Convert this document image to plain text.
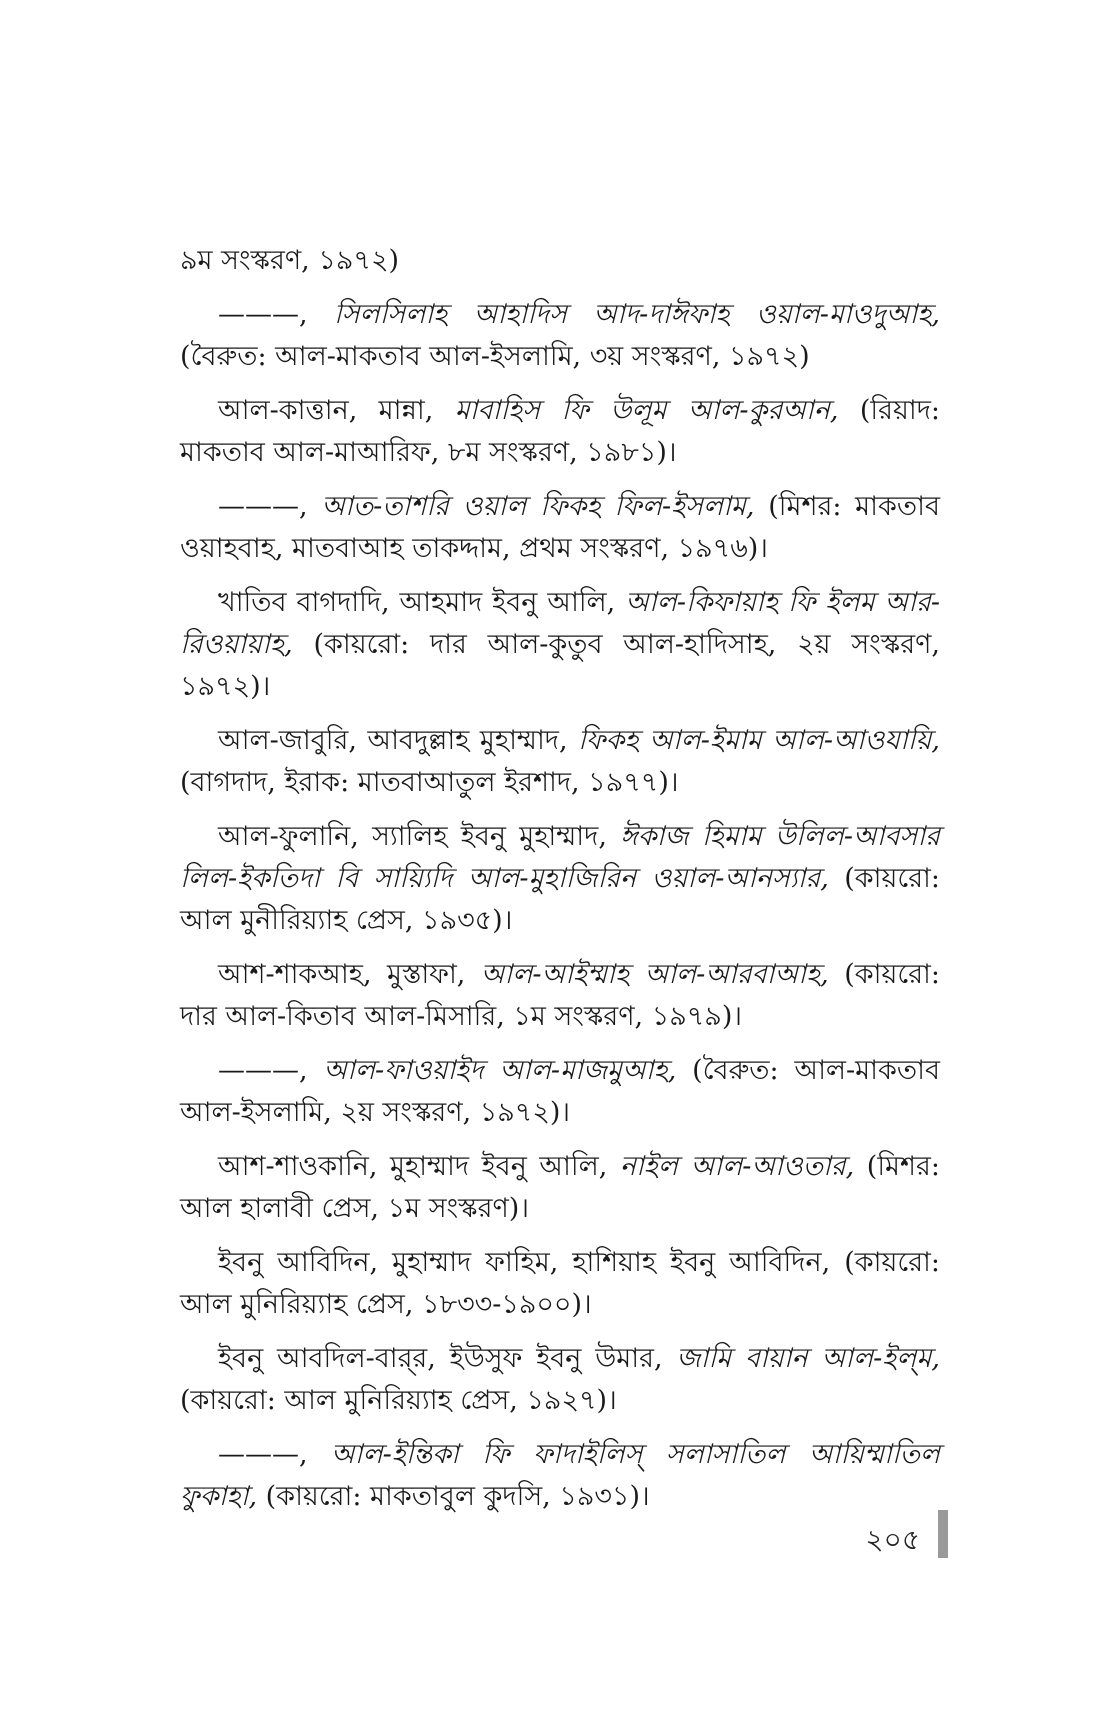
৯ম সংস্করণ, ১৯৭২)

———, সিলসিলাহ আহাদিস আদ-দাঈফাহ ওয়াল-মাওদুআহ, (বৈরুত: আল-মাকতাব আল-ইসলামি, ৩য় সংস্করণ, ১৯৭২)

আল-কাত্তান, মান্না, মাবাহিস ফি উলূম আল-কুরআন, (রিয়াদ: মাকতাব আল-মাআরিফ, ৮ম সংস্করণ, ১৯৮১)।

———, আত-তাশরি ওয়াল ফিকহ ফিল-ইসলাম, (মিশর: মাকতাব ওয়াহবাহ, মাতবাআহ তাকদ্দাম, প্রথম সংস্করণ, ১৯৭৬)।

খাতিব বাগদাদি, আহমাদ ইবনু আলি, আল-কিফায়াহ ফি ইলম আর-রিওয়ায়াহ, (কায়রো: দার আল-কুতুব আল-হাদিসাহ, ২য় সংস্করণ, ১৯৭২)।

আল-জাবুরি, আবদুল্লাহ মুহাম্মাদ, ফিকহ আল-ইমাম আল-আওযায়ি, (বাগদাদ, ইরাক: মাতবাআতুল ইরশাদ, ১৯৭৭)।

আল-ফুলানি, স্যালিহ ইবনু মুহাম্মাদ, ঈকাজ হিমাম উলিল-আবসার লিল-ইকতিদা বি সায়্যিদি আল-মুহাজিরিন ওয়াল-আনস্যার, (কায়রো: আল মুনীরিয়্যাহ প্রেস, ১৯৩৫)।

আশ-শাকআহ, মুস্তাফা, আল-আইম্মাহ আল-আরবাআহ, (কায়রো: দার আল-কিতাব আল-মিসারি, ১ম সংস্করণ, ১৯৭৯)।

———, আল-ফাওয়াইদ আল-মাজমুআহ, (বৈরুত: আল-মাকতাব আল-ইসলামি, ২য় সংস্করণ, ১৯৭২)।

আশ-শাওকানি, মুহাম্মাদ ইবনু আলি, নাইল আল-আওতার, (মিশর: আল হালাবী প্রেস, ১ম সংস্করণ)।

ইবনু আবিদিন, মুহাম্মাদ ফাহিম, হাশিয়াহ ইবনু আবিদিন, (কায়রো: আল মুনিরিয়্যাহ প্রেস, ১৮৩৩-১৯০০)।

ইবনু আবদিল-বার্‌র, ইউসুফ ইবনু উমার, জামি বায়ান আল-ইল্‌ম, (কায়রো: আল মুনিরিয়্যাহ প্রেস, ১৯২৭)।

———, আল-ইন্তিকা ফি ফাদাইলিস্ সলাসাতিল আয়িম্মাতিল ফুকাহা, (কায়রো: মাকতাবুল কুদসি, ১৯৩১)।

২০৫
